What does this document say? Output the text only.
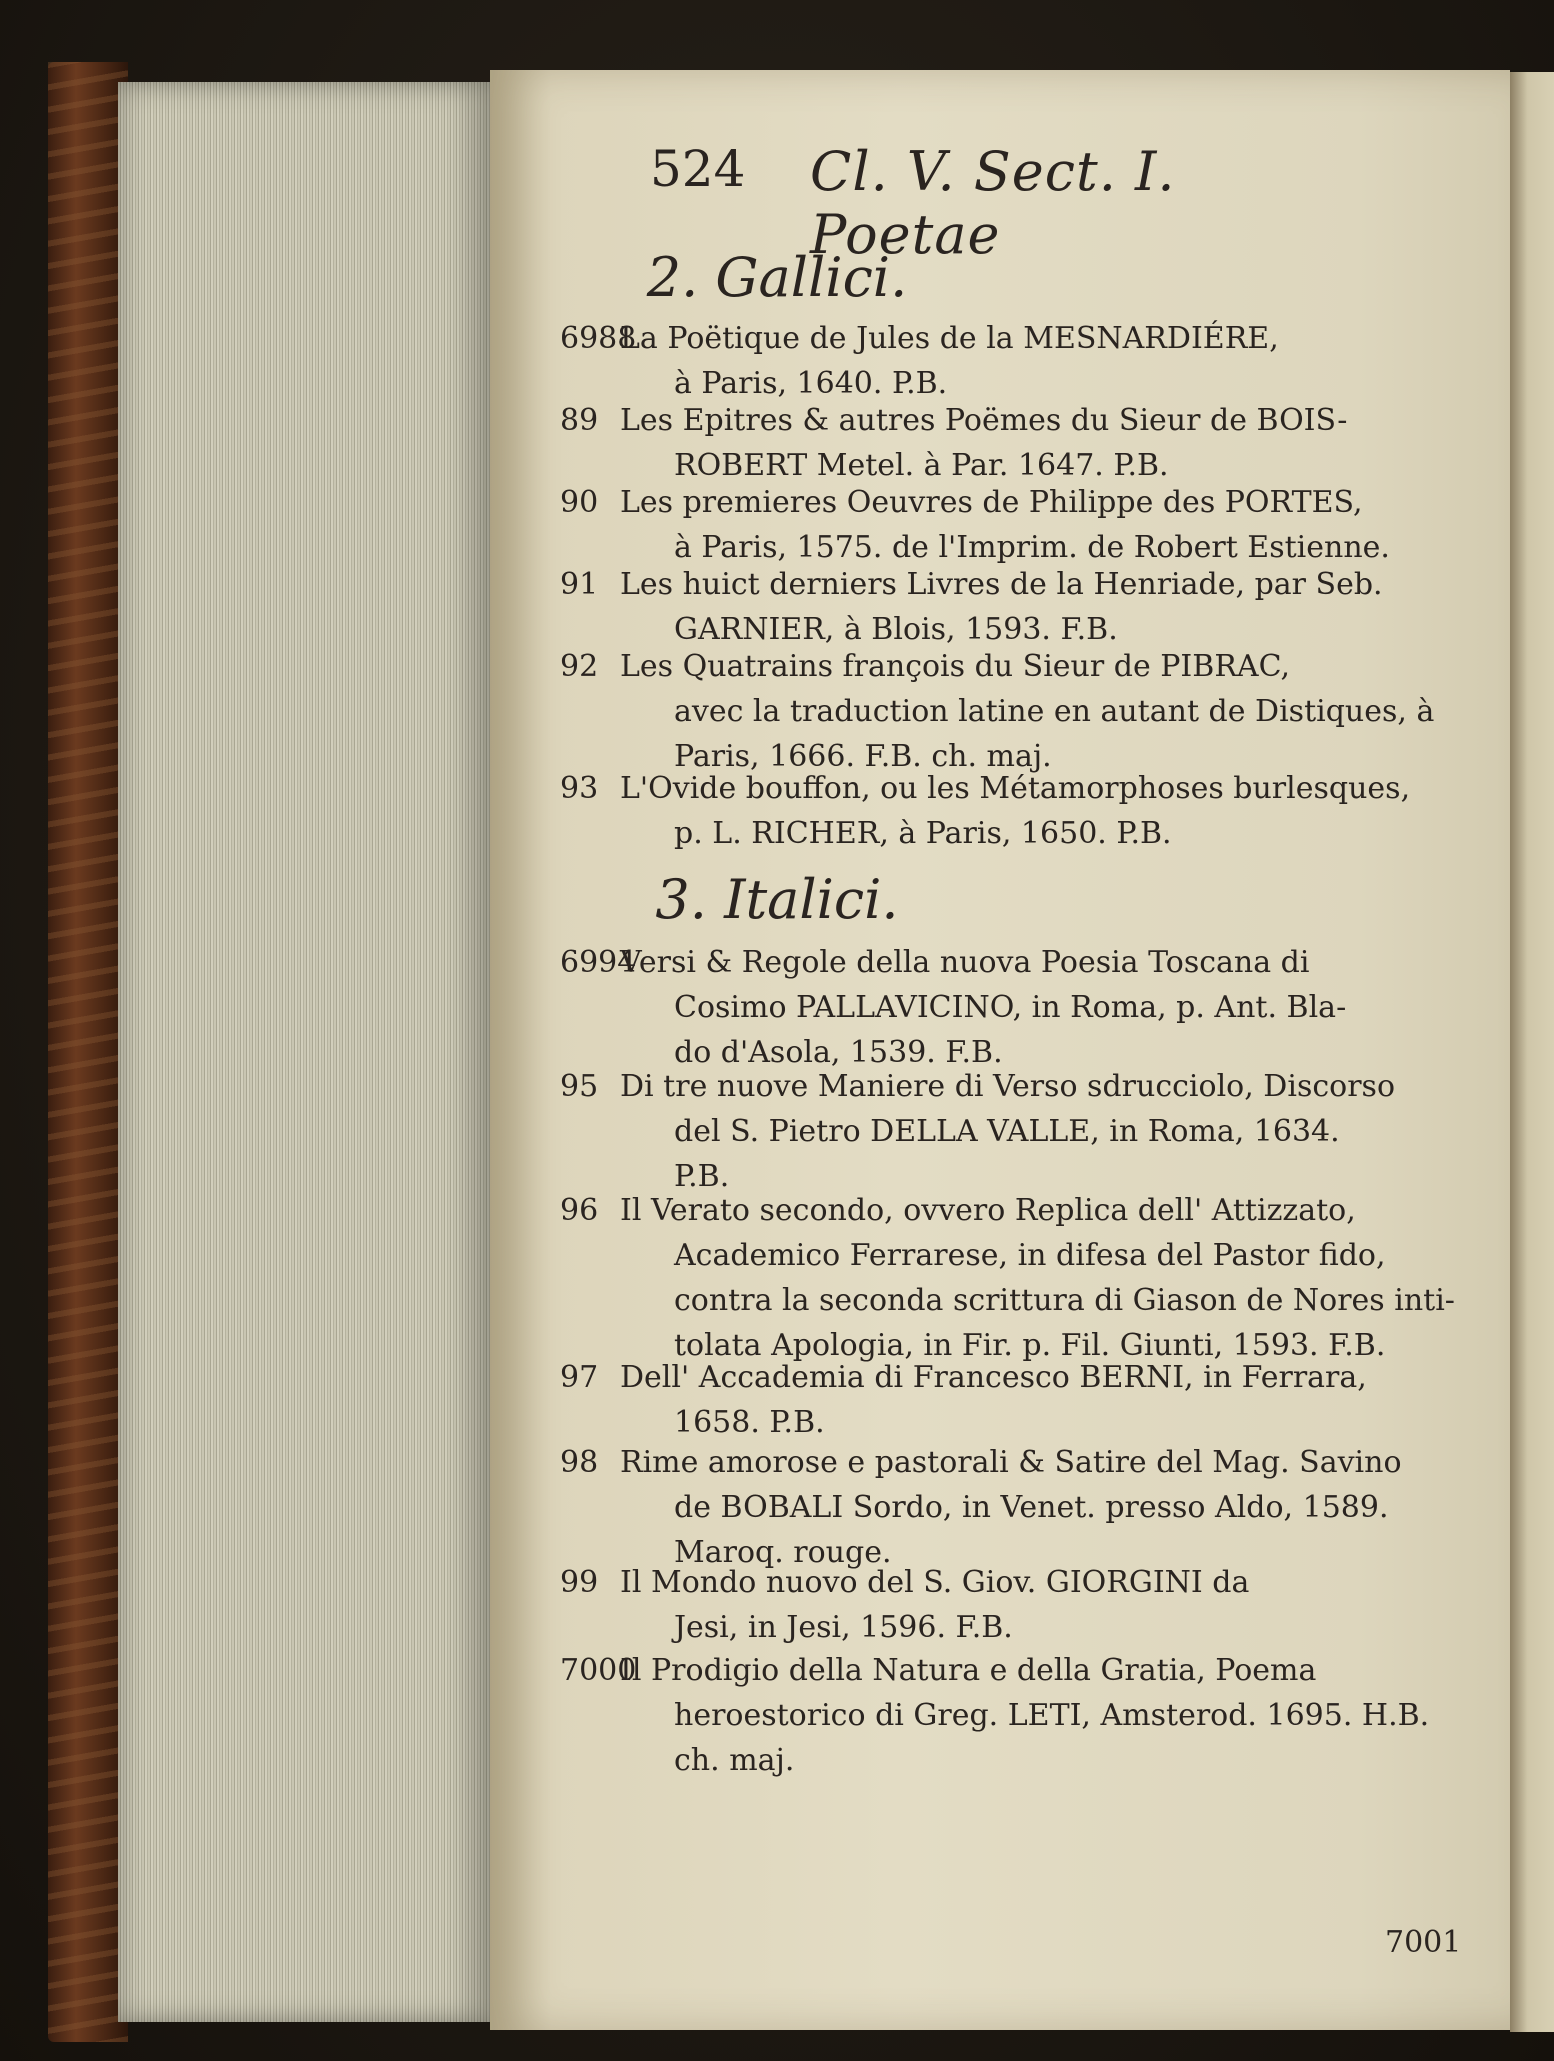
524 Cl. V. Sect. I. Poetae
2. Gallici.
6988
La Poëtique de Jules de la MESNARDIÉRE,
à Paris, 1640. P.B.
89 Les Epitres & autres Poëmes du Sieur de BOIS-
ROBERT Metel. à Par. 1647. P.B.
90 Les premieres Oeuvres de Philippe des PORTES,
à Paris, 1575. de l'Imprim. de Robert Estienne.
91 Les huict derniers Livres de la Henriade, par Seb.
GARNIER, à Blois, 1593. F.B.
92 Les Quatrains françois du Sieur de PIBRAC,
avec la traduction latine en autant de Distiques, à
Paris, 1666. F.B. ch. maj.
93 L'Ovide bouffon, ou les Métamorphoses burlesques,
p. L. RICHER, à Paris, 1650. P.B.
3. Italici.
6994
Versi & Regole della nuova Poesia Toscana di
Cosimo PALLAVICINO, in Roma, p. Ant. Bla-
do d'Asola, 1539. F.B.
95 Di tre nuove Maniere di Verso sdrucciolo, Discorso
del S. Pietro DELLA VALLE, in Roma, 1634.
P.B.
96 Il Verato secondo, ovvero Replica dell' Attizzato,
Academico Ferrarese, in difesa del Pastor fido,
contra la seconda scrittura di Giason de Nores inti-
tolata Apologia, in Fir. p. Fil. Giunti, 1593. F.B.
97 Dell' Accademia di Francesco BERNI, in Ferrara,
1658. P.B.
98 Rime amorose e pastorali & Satire del Mag. Savino
de BOBALI Sordo, in Venet. presso Aldo, 1589.
Maroq. rouge.
99 Il Mondo nuovo del S. Giov. GIORGINI da
Jesi, in Jesi, 1596. F.B.
7000
Il Prodigio della Natura e della Gratia, Poema
heroestorico di Greg. LETI, Amsterod. 1695. H.B.
ch. maj.
7001
